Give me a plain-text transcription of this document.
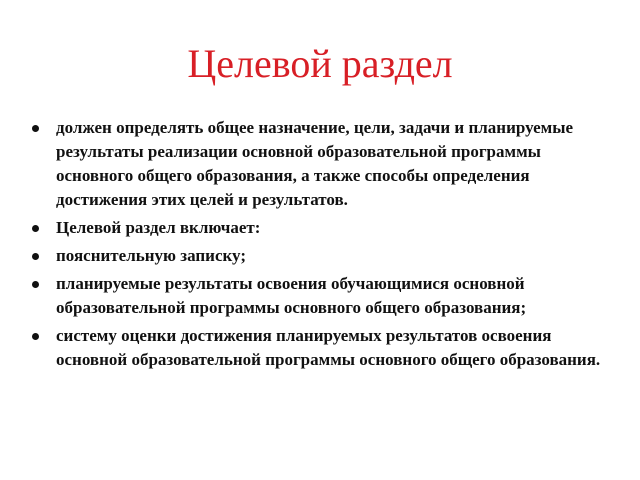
Целевой раздел
должен определять общее назначение, цели, задачи и планируемые результаты реализации основной образовательной программы основного общего образования, а также способы определения достижения этих целей и результатов.
Целевой раздел включает:
пояснительную записку;
планируемые результаты освоения обучающимися основной образовательной программы основного общего образования;
систему оценки достижения планируемых результатов освоения основной образовательной программы основного общего образования.
